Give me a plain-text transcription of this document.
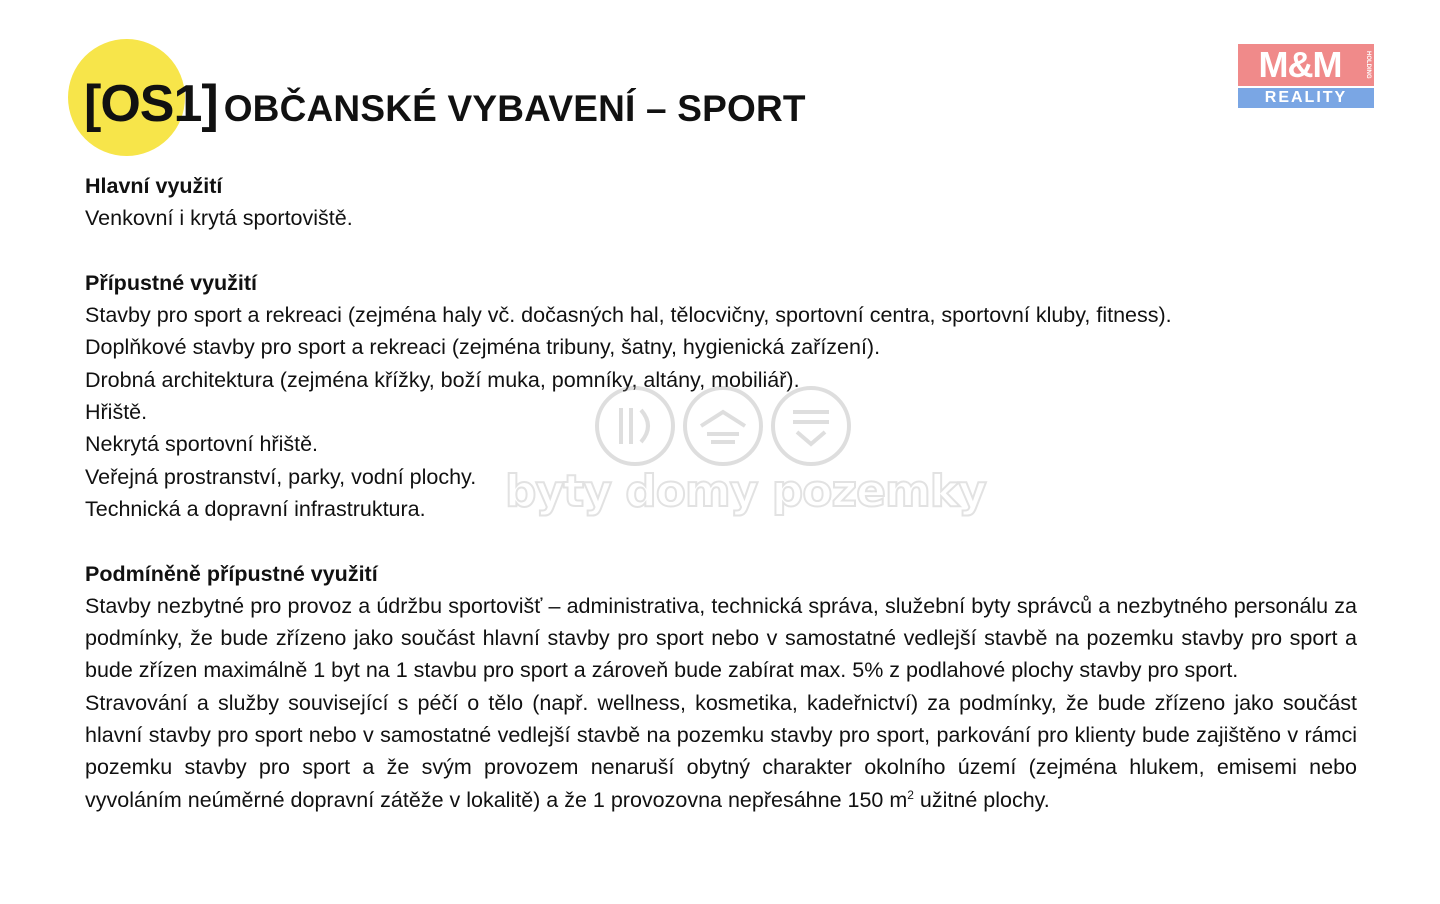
[OS1] OBČANSKÉ VYBAVENÍ – SPORT
M&M	HOLDING
REALITY

Hlavní využití

Venkovní i krytá sportoviště.

Přípustné využití

Stavby pro sport a rekreaci (zejména haly vč. dočasných hal, tělocvičny, sportovní centra, sportovní kluby, fitness).

Doplňkové stavby pro sport a rekreaci (zejména tribuny, šatny, hygienická zařízení).

Drobná architektura (zejména křížky, boží muka, pomníky, altány, mobiliář).

Hřiště.

Nekrytá sportovní hřiště.

Veřejná prostranství, parky, vodní plochy.

Technická a dopravní infrastruktura.

Podmíněně přípustné využití

Stavby nezbytné pro provoz a údržbu sportovišť – administrativa, technická správa, služební byty správců a nezbytného personálu za podmínky, že bude zřízeno jako součást hlavní stavby pro sport nebo v samostatné vedlejší stavbě na pozemku stavby pro sport a bude zřízen maximálně 1 byt na 1 stavbu pro sport a zároveň bude zabírat max. 5% z podlahové plochy stavby pro sport.

Stravování a služby související s péčí o tělo (např. wellness, kosmetika, kadeřnictví) za podmínky, že bude zřízeno jako součást hlavní stavby pro sport nebo v samostatné vedlejší stavbě na pozemku stavby pro sport, parkování pro klienty bude zajištěno v rámci pozemku stavby pro sport a že svým provozem nenaruší obytný charakter okolního území (zejména hlukem, emisemi nebo vyvoláním neúměrné dopravní zátěže v lokalitě) a že 1 provozovna nepřesáhne 150 $m^2$ užitné plochy.

byty domy pozemky
